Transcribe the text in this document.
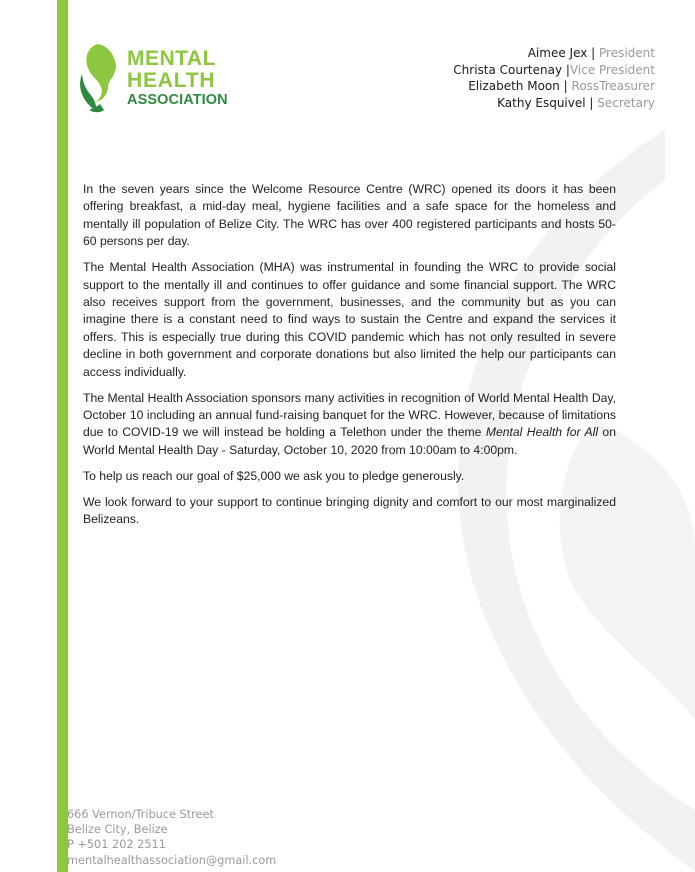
MENTAL
HEALTH
ASSOCIATION
Aimee Jex | President
Christa Courtenay |Vice President
Elizabeth Moon | RossTreasurer
Kathy Esquivel | Secretary

In the seven years since the Welcome Resource Centre (WRC) opened its doors it has been offering breakfast, a mid-day meal, hygiene facilities and a safe space for the homeless and mentally ill population of Belize City. The WRC has over 400 registered participants and hosts 50-60 persons per day.

The Mental Health Association (MHA) was instrumental in founding the WRC to provide social support to the mentally ill and continues to offer guidance and some financial support. The WRC also receives support from the government, businesses, and the community but as you can imagine there is a constant need to find ways to sustain the Centre and expand the services it offers. This is especially true during this COVID pandemic which has not only resulted in severe decline in both government and corporate donations but also limited the help our participants can access individually.

The Mental Health Association sponsors many activities in recognition of World Mental Health Day, October 10 including an annual fund-raising banquet for the WRC. However, because of limitations due to COVID-19 we will instead be holding a Telethon under the theme Mental Health for All on World Mental Health Day - Saturday, October 10, 2020 from 10:00am to 4:00pm.

To help us reach our goal of $25,000 we ask you to pledge generously.

We look forward to your support to continue bringing dignity and comfort to our most marginalized Belizeans.

666 Vernon/Tribuce Street
Belize City, Belize
P +501 202 2511
mentalhealthassociation@gmail.com
